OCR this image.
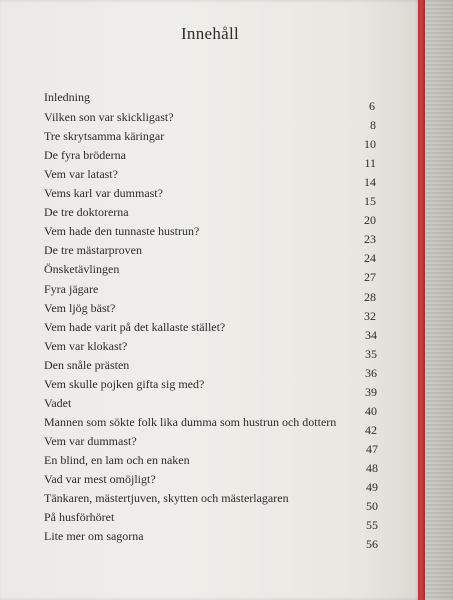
Innehåll
Inledning
6
Vilken son var skickligast?
8
Tre skrytsamma käringar
10
De fyra bröderna
11
Vem var latast?
14
Vems karl var dummast?
15
De tre doktorerna
20
Vem hade den tunnaste hustrun?
23
De tre mästarproven
24
Önsketävlingen
27
Fyra jägare
28
Vem ljög bäst?
32
Vem hade varit på det kallaste stället?
34
Vem var klokast?
35
Den snåle prästen
36
Vem skulle pojken gifta sig med?
39
Vadet
40
Mannen som sökte folk lika dumma som hustrun och dottern
42
Vem var dummast?
47
En blind, en lam och en naken
48
Vad var mest omöjligt?
49
Tänkaren, mästertjuven, skytten och mästerlagaren
50
På husförhöret
55
Lite mer om sagorna
56
